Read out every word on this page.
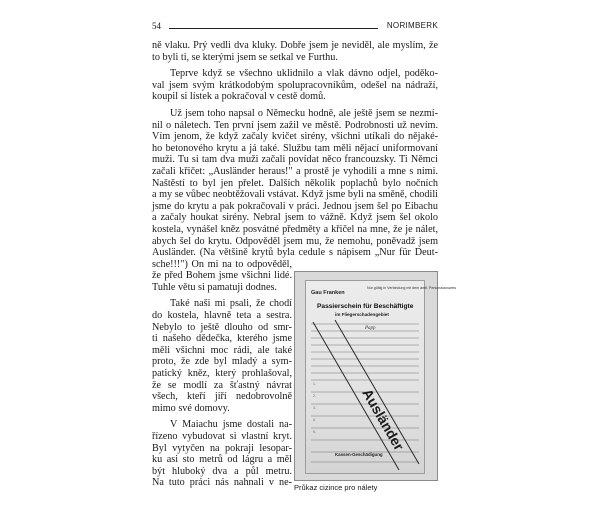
54	NORIMBERK
ně vlaku. Prý vedli dva kluky. Dobře jsem je neviděl, ale myslím, že
to byli ti, se kterými jsem se setkal ve Furthu.
Teprve když se všechno uklidnilo a vlak dávno odjel, poděko-
val jsem svým krátkodobým spolupracovníkům, odešel na nádraží,
koupil si lístek a pokračoval v cestě domů.
Už jsem toho napsal o Německu hodně, ale ještě jsem se nezmí-
nil o náletech. Ten první jsem zažil ve městě. Podrobnosti už nevím.
Vím jenom, že když začaly kvičet sirény, všichni utíkali do nějaké-
ho betonového krytu a já také. Službu tam měli nějací uniformovaní
muži. Tu si tam dva muži začali povídat něco francouzsky. Ti Němci
začali křičet: „Ausländer heraus!" a prostě je vyhodili a mne s nimi.
Naštěstí to byl jen přelet. Dalších několik poplachů bylo nočních
a my se vůbec neobtěžovali vstávat. Když jsme byli na směně, chodili
jsme do krytu a pak pokračovali v práci. Jednou jsem šel po Eibachu
a začaly houkat sirény. Nebral jsem to vážně. Když jsem šel okolo
kostela, vynášel kněz posvátné předměty a křičel na mne, že je nálet,
abych šel do krytu. Odpověděl jsem mu, že nemohu, poněvadž jsem
Ausländer. (Na většině krytů byla cedule s nápisem „Nur für Deut-
sche!!!") On mi na to odpověděl,
že před Bohem jsme všichni lidé.
Tuhle větu si pamatuji dodnes.
Také naši mi psali, že chodí
do kostela, hlavně teta a sestra.
Nebylo to ještě dlouho od smr-
ti našeho dědečka, kterého jsme
měli všichni moc rádi, ale také
proto, že zde byl mladý a sym-
patický kněz, který prohlašoval,
že se modlí za šťastný návrat
všech, kteří jiří nedobrovolně
mimo své domovy.
V Maiachu jsme dostali na-
řízeno vybudovat si vlastní kryt.
Byl vytyčen na pokraji lesopar-
ku asi sto metrů od lágru a měl
být hluboký dva a půl metru.
Na tuto práci nás nahnali v ne-
Gau Franken
Nur gültig in Verbindung mit dem amtl. Personalausweis
Passierschein für Beschäftigte
im Fliegerschadengebiet
Papp
1.
2.
3.
4.
5.	Ausländer
Kassen-Geschädigung
Průkaz cizince pro nálety
